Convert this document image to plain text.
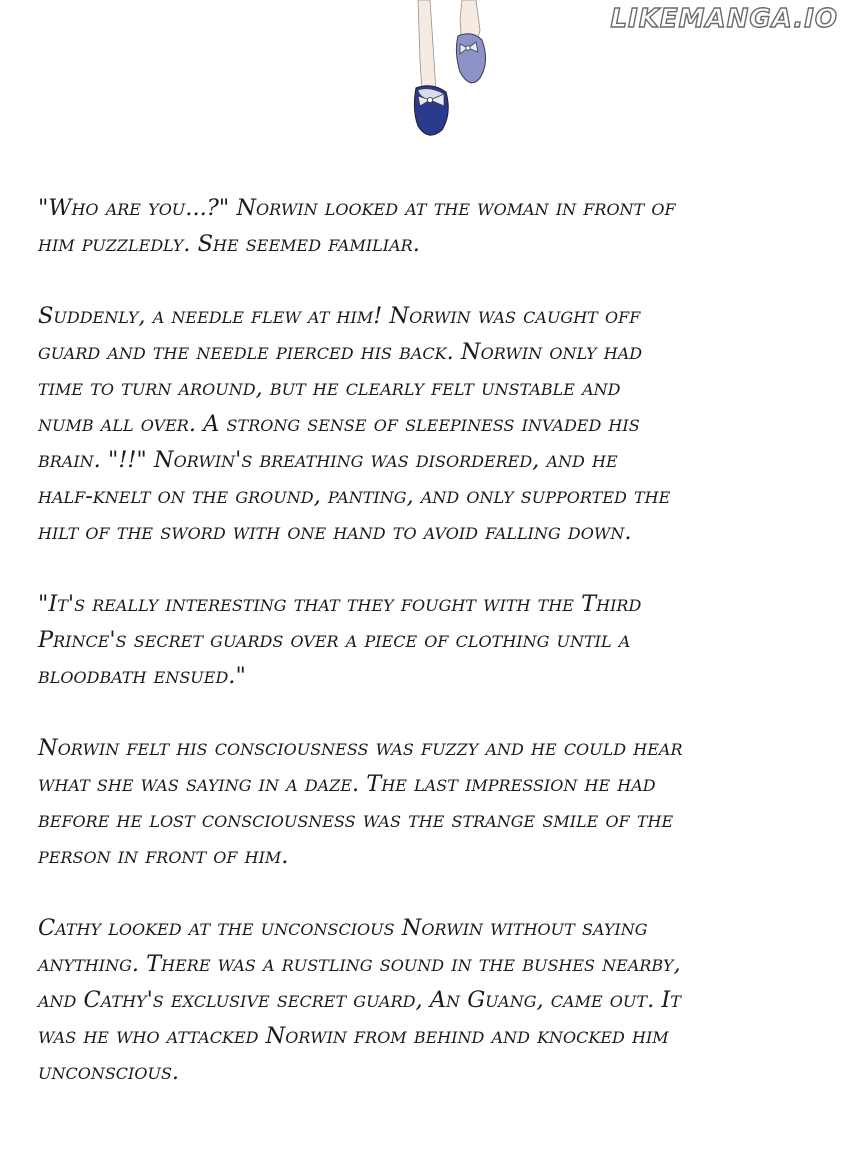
LIKEMANGA.IO

"Who are you...?" Norwin looked at the woman in front of
him puzzledly. She seemed familiar.

Suddenly, a needle flew at him! Norwin was caught off
guard and the needle pierced his back. Norwin only had
time to turn around, but he clearly felt unstable and
numb all over. A strong sense of sleepiness invaded his
brain. "!!" Norwin's breathing was disordered, and he
half-knelt on the ground, panting, and only supported the
hilt of the sword with one hand to avoid falling down.

"It's really interesting that they fought with the Third
Prince's secret guards over a piece of clothing until a
bloodbath ensued."

Norwin felt his consciousness was fuzzy and he could hear
what she was saying in a daze. The last impression he had
before he lost consciousness was the strange smile of the
person in front of him.

Cathy looked at the unconscious Norwin without saying
anything. There was a rustling sound in the bushes nearby,
and Cathy's exclusive secret guard, An Guang, came out. It
was he who attacked Norwin from behind and knocked him
unconscious.
